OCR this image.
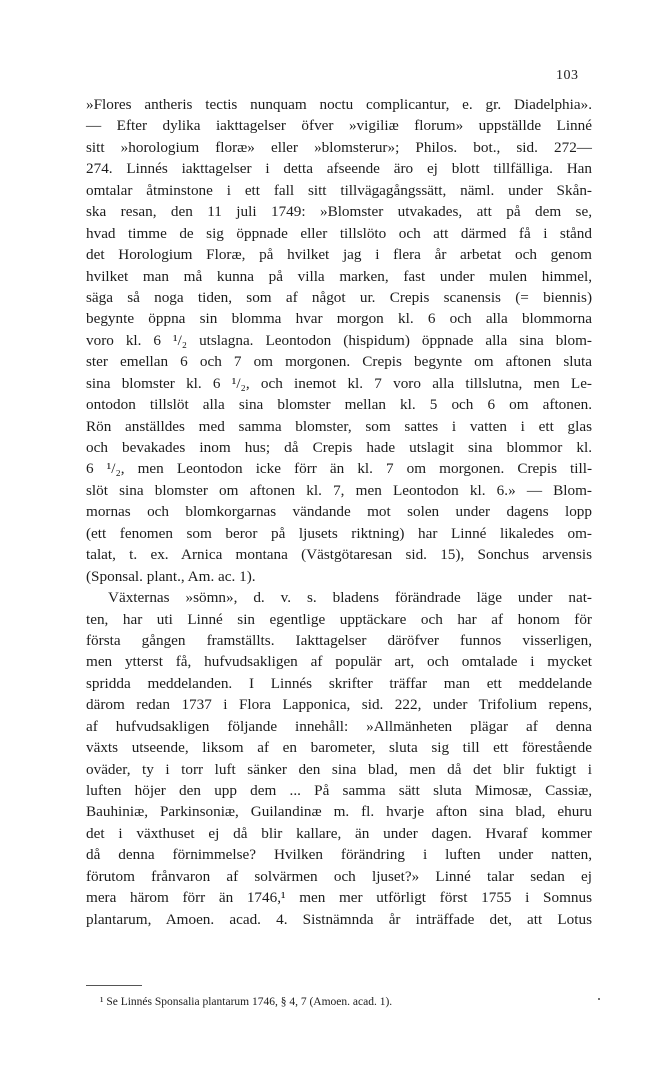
103
»Flores antheris tectis nunquam noctu complicantur, e. gr. Diadelphia».
— Efter dylika iakttagelser öfver »vigiliæ florum» uppställde Linné
sitt »horologium floræ» eller »blomsterur»; Philos. bot., sid. 272—
274. Linnés iakttagelser i detta afseende äro ej blott tillfälliga. Han
omtalar åtminstone i ett fall sitt tillvägagångssätt, näml. under Skån-
ska resan, den 11 juli 1749: »Blomster utvakades, att på dem se,
hvad timme de sig öppnade eller tillslöto och att därmed få i stånd
det Horologium Floræ, på hvilket jag i flera år arbetat och genom
hvilket man må kunna på villa marken, fast under mulen himmel,
säga så noga tiden, som af något ur. Crepis scanensis (= biennis)
begynte öppna sin blomma hvar morgon kl. 6 och alla blommorna
voro kl. 6 ¹/₂ utslagna. Leontodon (hispidum) öppnade alla sina blom-
ster emellan 6 och 7 om morgonen. Crepis begynte om aftonen sluta
sina blomster kl. 6 ¹/₂, och inemot kl. 7 voro alla tillslutna, men Le-
ontodon tillslöt alla sina blomster mellan kl. 5 och 6 om aftonen.
Rön anställdes med samma blomster, som sattes i vatten i ett glas
och bevakades inom hus; då Crepis hade utslagit sina blommor kl.
6 ¹/₂, men Leontodon icke förr än kl. 7 om morgonen. Crepis till-
slöt sina blomster om aftonen kl. 7, men Leontodon kl. 6.» — Blom-
mornas och blomkorgarnas vändande mot solen under dagens lopp
(ett fenomen som beror på ljusets riktning) har Linné likaledes om-
talat, t. ex. Arnica montana (Västgötaresan sid. 15), Sonchus arvensis
(Sponsal. plant., Am. ac. 1).
Växternas »sömn», d. v. s. bladens förändrade läge under nat-
ten, har uti Linné sin egentlige upptäckare och har af honom för
första gången framställts. Iakttagelser däröfver funnos visserligen,
men ytterst få, hufvudsakligen af populär art, och omtalade i mycket
spridda meddelanden. I Linnés skrifter träffar man ett meddelande
därom redan 1737 i Flora Lapponica, sid. 222, under Trifolium repens,
af hufvudsakligen följande innehåll: »Allmänheten plägar af denna
växts utseende, liksom af en barometer, sluta sig till ett förestående
oväder, ty i torr luft sänker den sina blad, men då det blir fuktigt i
luften höjer den upp dem ... På samma sätt sluta Mimosæ, Cassiæ,
Bauhiniæ, Parkinsoniæ, Guilandinæ m. fl. hvarje afton sina blad, ehuru
det i växthuset ej då blir kallare, än under dagen. Hvaraf kommer
då denna förnimmelse? Hvilken förändring i luften under natten,
förutom frånvaron af solvärmen och ljuset?» Linné talar sedan ej
mera härom förr än 1746,¹ men mer utförligt först 1755 i Somnus
plantarum, Amoen. acad. 4. Sistnämnda år inträffade det, att Lotus
¹ Se Linnés Sponsalia plantarum 1746, § 4, 7 (Amoen. acad. 1).
